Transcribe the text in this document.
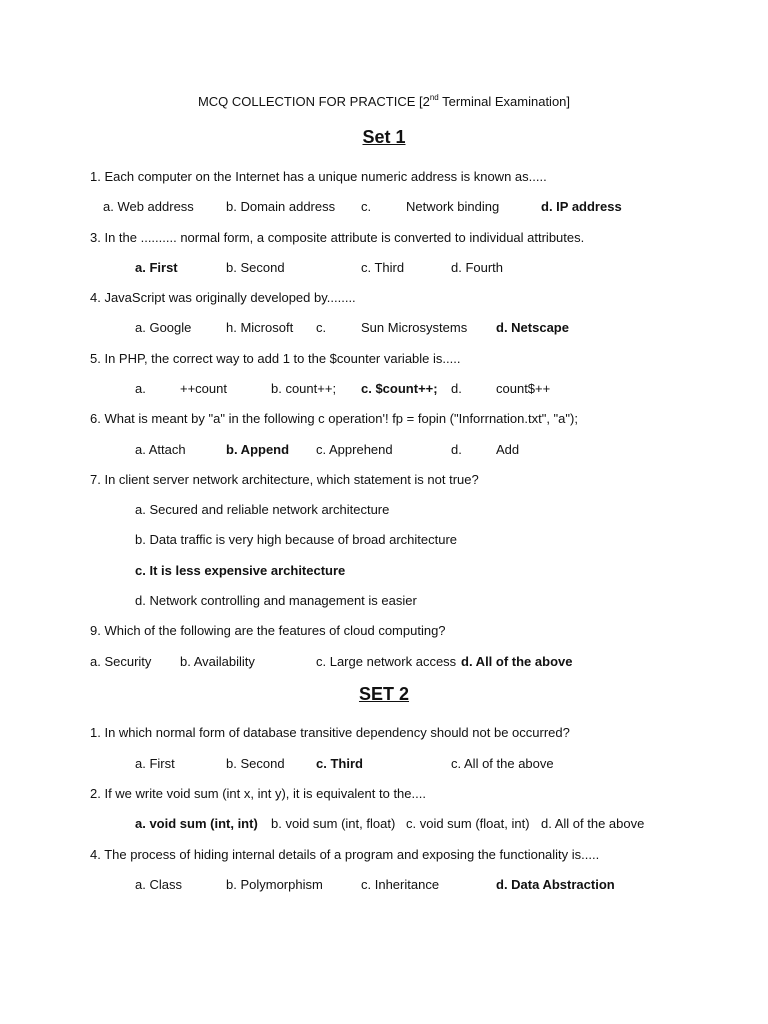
MCQ COLLECTION FOR PRACTICE [2nd Terminal Examination]
Set 1
1. Each computer on the Internet has a unique numeric address is known as.....
a. Web address b. Domain address c.	Network binding	d. IP address
3. In the .......... normal form, a composite attribute is converted to individual attributes.
a. First	b. Second	c. Third	d. Fourth
4. JavaScript was originally developed by........
a. Google	h. Microsoft c.	Sun Microsystems d. Netscape
5. In PHP, the correct way to add 1 to the $counter variable is.....
a.	++count	b. count++; c. $count++; d.	count$++
6. What is meant by "a" in the following c operation'! fp = fopin ("Inforrnation.txt", "a");
a. Attach	b. Append c. Apprehend	d.	Add
7. In client server network architecture, which statement is not true?
a. Secured and reliable network architecture
b. Data traffic is very high because of broad architecture
c. It is less expensive architecture
d. Network controlling and management is easier
9. Which of the following are the features of cloud computing?
a. Security b. Availability	c. Large network access d. All of the above
SET 2
1. In which normal form of database transitive dependency should not be occurred?
a. First	b. Second c. Third	c. All of the above
2. If we write void sum (int x, int y), it is equivalent to the....
a. void sum (int, int) b. void sum (int, float) c. void sum (float, int) d. All of the above
4. The process of hiding internal details of a program and exposing the functionality is.....
a. Class	b. Polymorphism	c. Inheritance	d. Data Abstraction
